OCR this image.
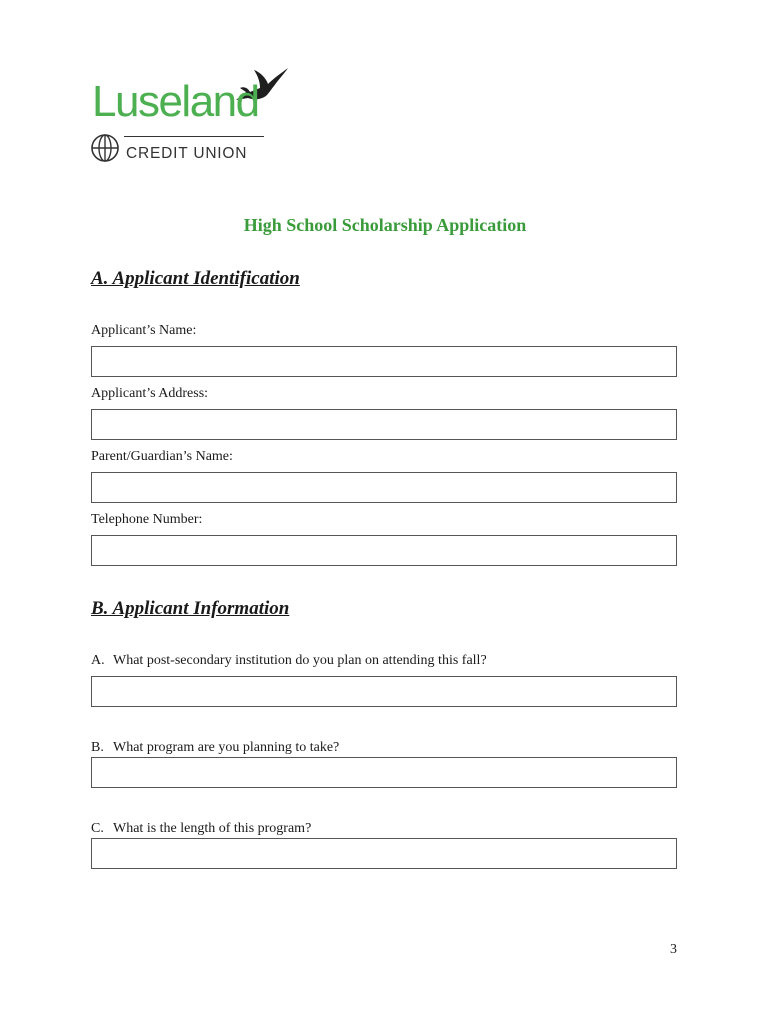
Luseland
CREDIT UNION
High School Scholarship Application
A. Applicant Identification
Applicant’s Name:
Applicant’s Address:
Parent/Guardian’s Name:
Telephone Number:
B. Applicant Information
A. What post-secondary institution do you plan on attending this fall?
B. What program are you planning to take?
C. What is the length of this program?
3
